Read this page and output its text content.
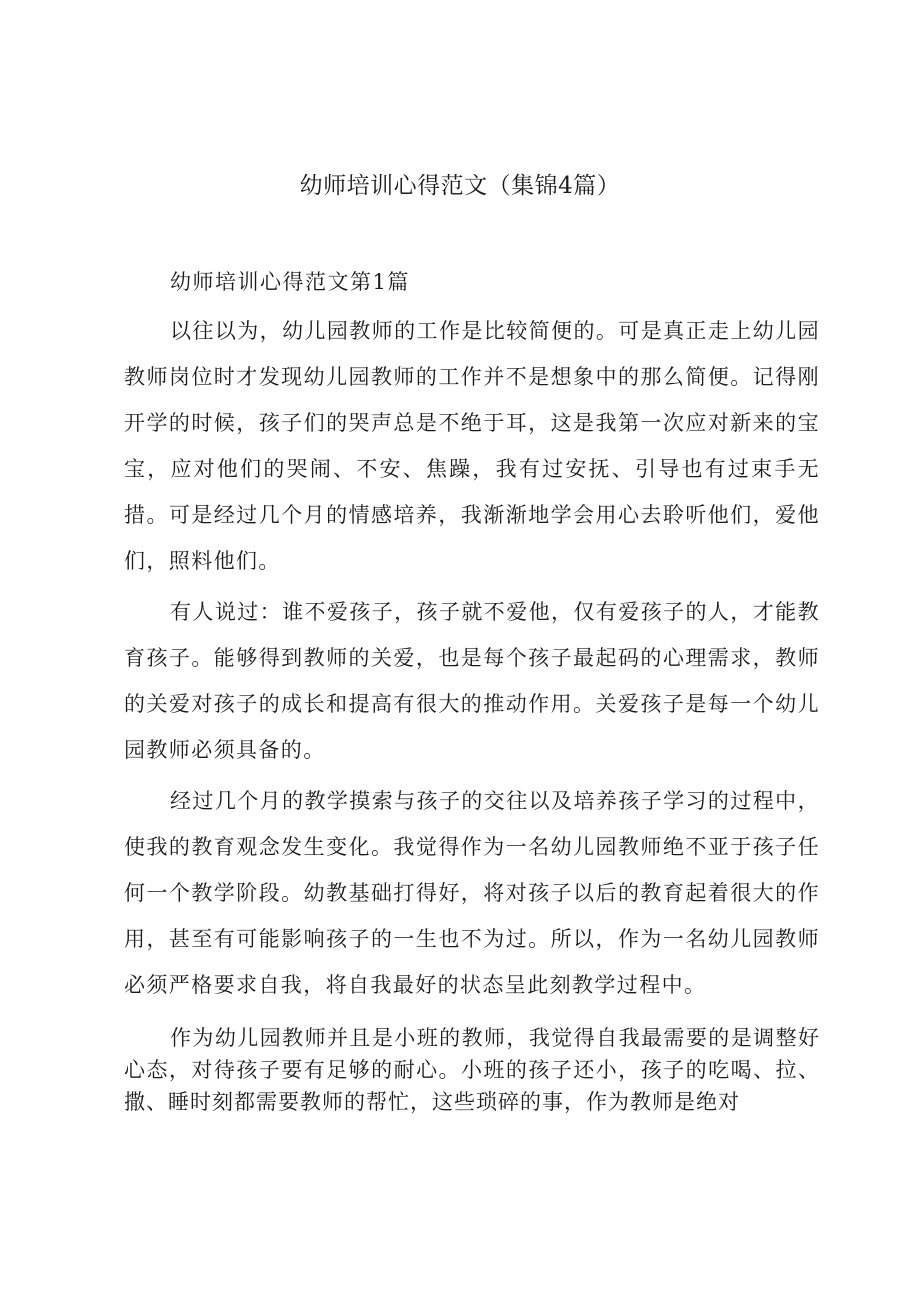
幼师培训心得范文（集锦4篇）

幼师培训心得范文第1篇

以往以为，幼儿园教师的工作是比较简便的。可是真正走上幼儿园教师岗位时才发现幼儿园教师的工作并不是想象中的那么简便。记得刚开学的时候，孩子们的哭声总是不绝于耳，这是我第一次应对新来的宝宝，应对他们的哭闹、不安、焦躁，我有过安抚、引导也有过束手无措。可是经过几个月的情感培养，我渐渐地学会用心去聆听他们，爱他们，照料他们。

有人说过：谁不爱孩子，孩子就不爱他，仅有爱孩子的人，才能教育孩子。能够得到教师的关爱，也是每个孩子最起码的心理需求，教师的关爱对孩子的成长和提高有很大的推动作用。关爱孩子是每一个幼儿园教师必须具备的。

经过几个月的教学摸索与孩子的交往以及培养孩子学习的过程中，使我的教育观念发生变化。我觉得作为一名幼儿园教师绝不亚于孩子任何一个教学阶段。幼教基础打得好，将对孩子以后的教育起着很大的作用，甚至有可能影响孩子的一生也不为过。所以，作为一名幼儿园教师必须严格要求自我，将自我最好的状态呈此刻教学过程中。

作为幼儿园教师并且是小班的教师，我觉得自我最需要的是调整好心态，对待孩子要有足够的耐心。小班的孩子还小，孩子的吃喝、拉、撒、睡时刻都需要教师的帮忙，这些琐碎的事，作为教师是绝对
